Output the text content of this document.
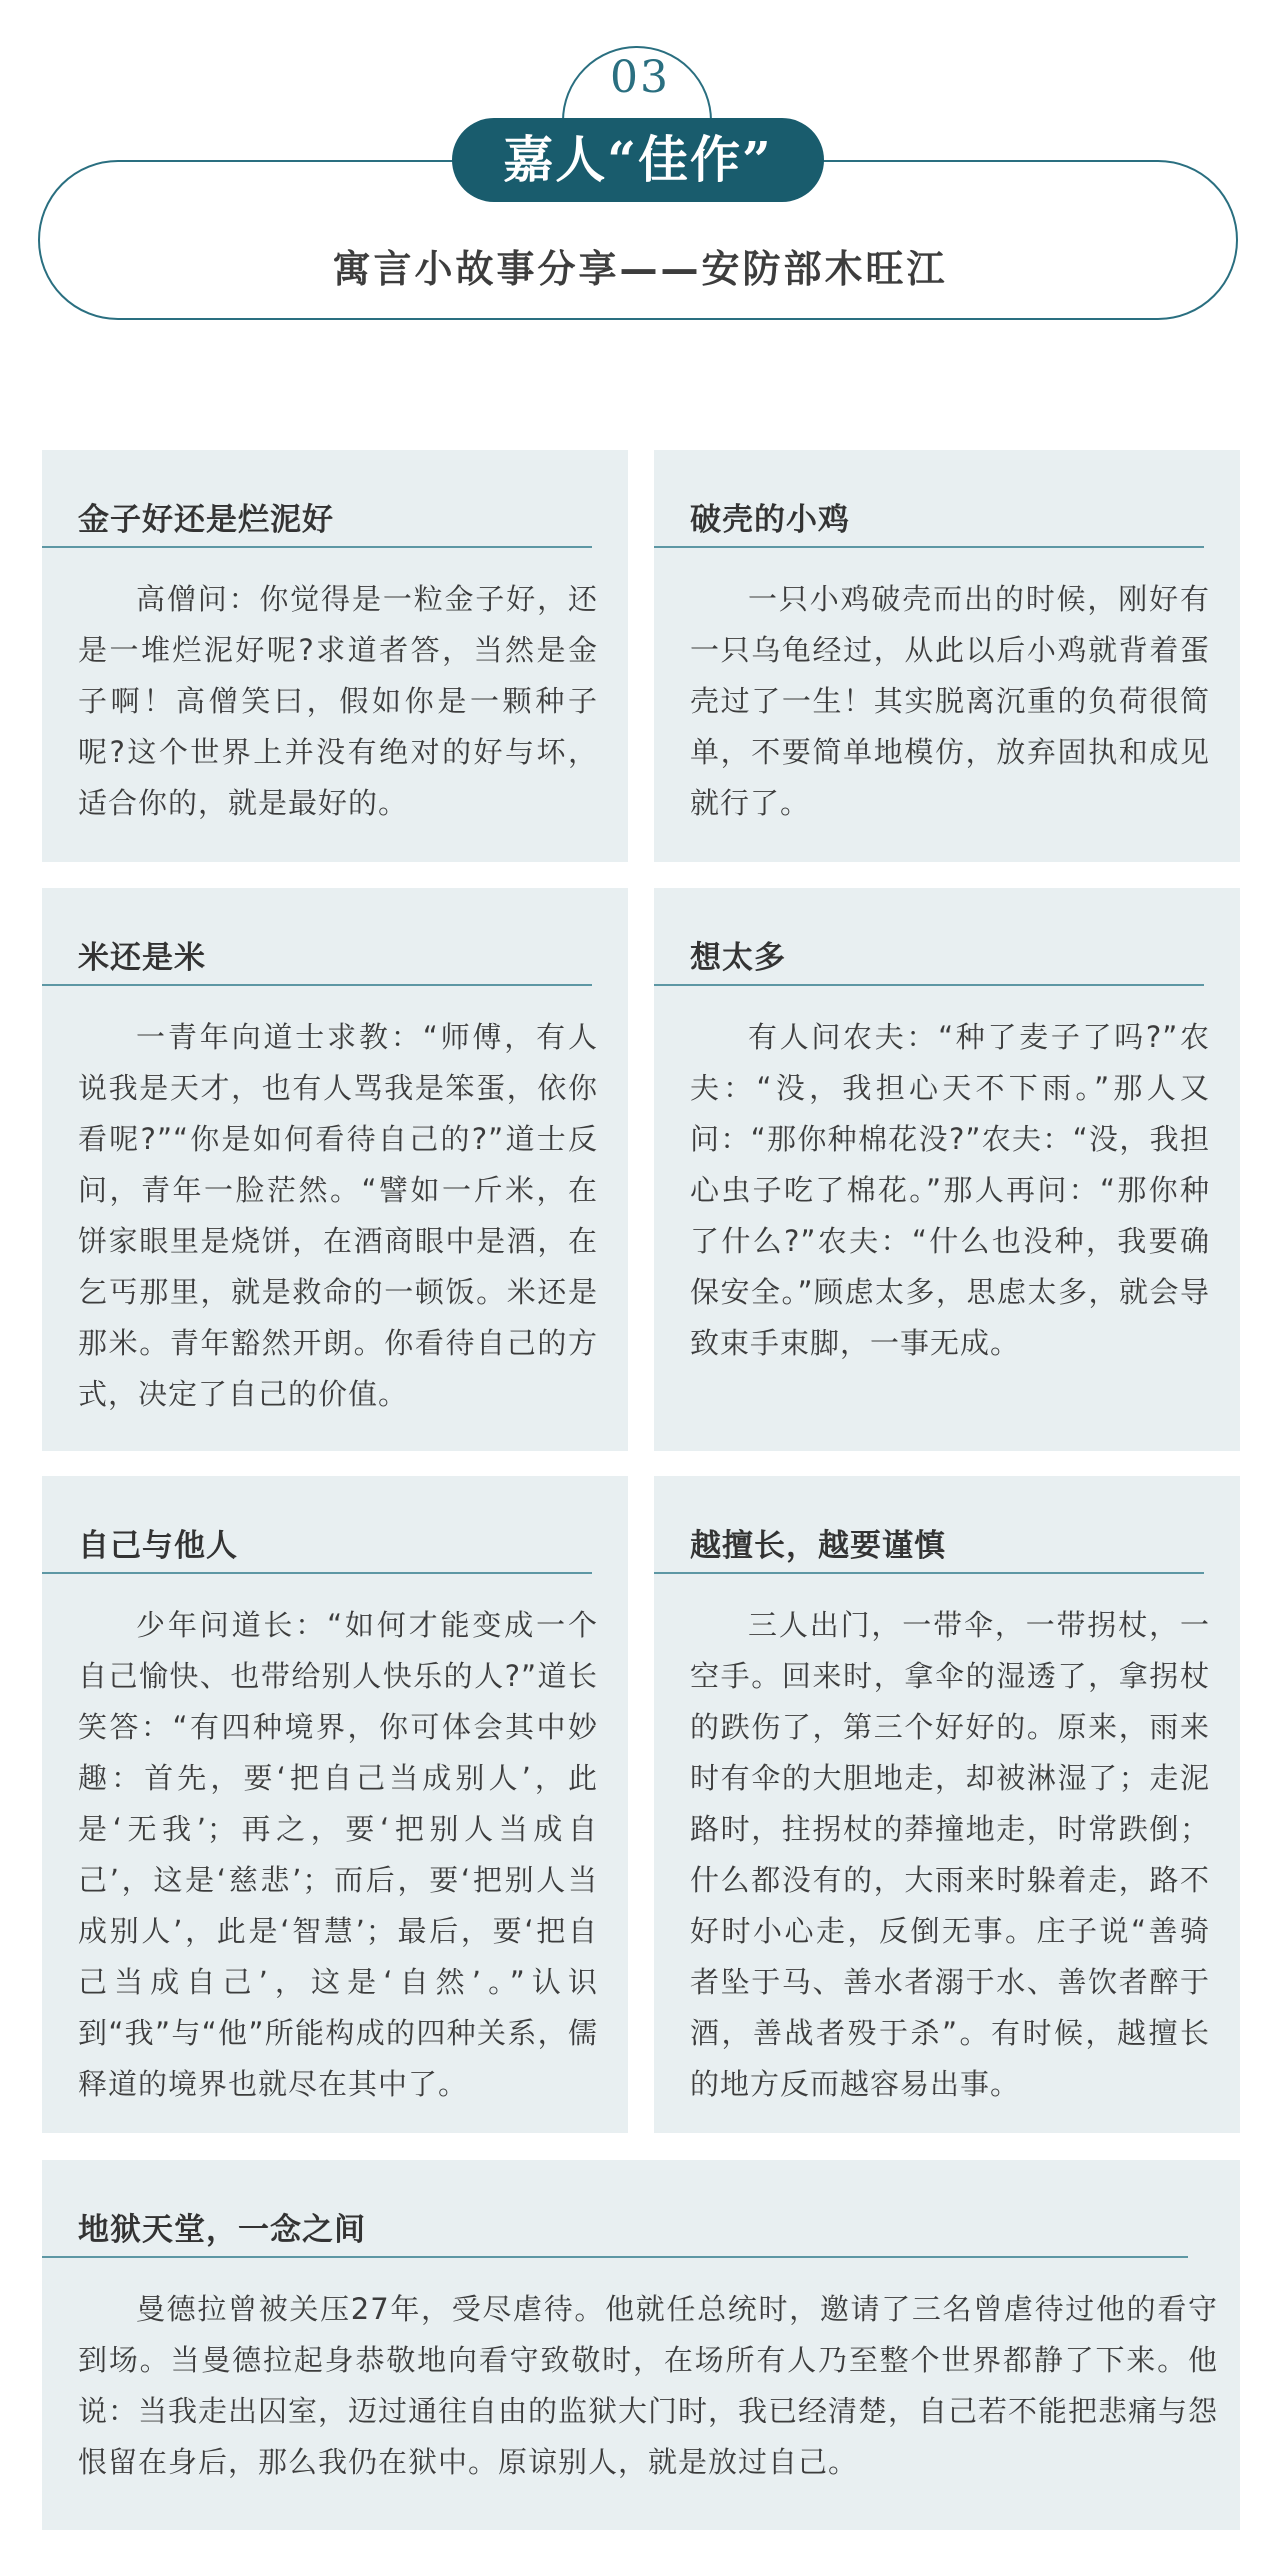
03
嘉人“佳作”
寓言小故事分享——安防部木旺江
金子好还是烂泥好
高僧问：你觉得是一粒金子好，还是一堆烂泥好呢?求道者答，当然是金子啊！高僧笑曰，假如你是一颗种子呢?这个世界上并没有绝对的好与坏，适合你的，就是最好的。
破壳的小鸡
一只小鸡破壳而出的时候，刚好有一只乌龟经过，从此以后小鸡就背着蛋壳过了一生！其实脱离沉重的负荷很简单，不要简单地模仿，放弃固执和成见就行了。
米还是米
一青年向道士求教：“师傅，有人说我是天才，也有人骂我是笨蛋，依你看呢?”“你是如何看待自己的?”道士反问，青年一脸茫然。“譬如一斤米，在饼家眼里是烧饼，在酒商眼中是酒，在乞丐那里，就是救命的一顿饭。米还是那米。青年豁然开朗。你看待自己的方式，决定了自己的价值。
想太多
有人问农夫：“种了麦子了吗?”农夫：“没，我担心天不下雨。”那人又问：“那你种棉花没?”农夫：“没，我担心虫子吃了棉花。”那人再问：“那你种了什么?”农夫：“什么也没种，我要确保安全。”顾虑太多，思虑太多，就会导致束手束脚，一事无成。
自己与他人
少年问道长：“如何才能变成一个自己愉快、也带给别人快乐的人?”道长笑答：“有四种境界，你可体会其中妙趣：首先，要‘把自己当成别人’，此是‘无我’；再之，要‘把别人当成自己’，这是‘慈悲’；而后，要‘把别人当成别人’，此是‘智慧’；最后，要‘把自己当成自己’，这是‘自然’。”认识到“我”与“他”所能构成的四种关系，儒释道的境界也就尽在其中了。
越擅长，越要谨慎
三人出门，一带伞，一带拐杖，一空手。回来时，拿伞的湿透了，拿拐杖的跌伤了，第三个好好的。原来，雨来时有伞的大胆地走，却被淋湿了；走泥路时，拄拐杖的莽撞地走，时常跌倒；什么都没有的，大雨来时躲着走，路不好时小心走，反倒无事。庄子说“善骑者坠于马、善水者溺于水、善饮者醉于酒，善战者殁于杀”。有时候，越擅长的地方反而越容易出事。
地狱天堂，一念之间
曼德拉曾被关压27年，受尽虐待。他就任总统时，邀请了三名曾虐待过他的看守到场。当曼德拉起身恭敬地向看守致敬时，在场所有人乃至整个世界都静了下来。他说：当我走出囚室，迈过通往自由的监狱大门时，我已经清楚，自己若不能把悲痛与怨恨留在身后，那么我仍在狱中。原谅别人，就是放过自己。
